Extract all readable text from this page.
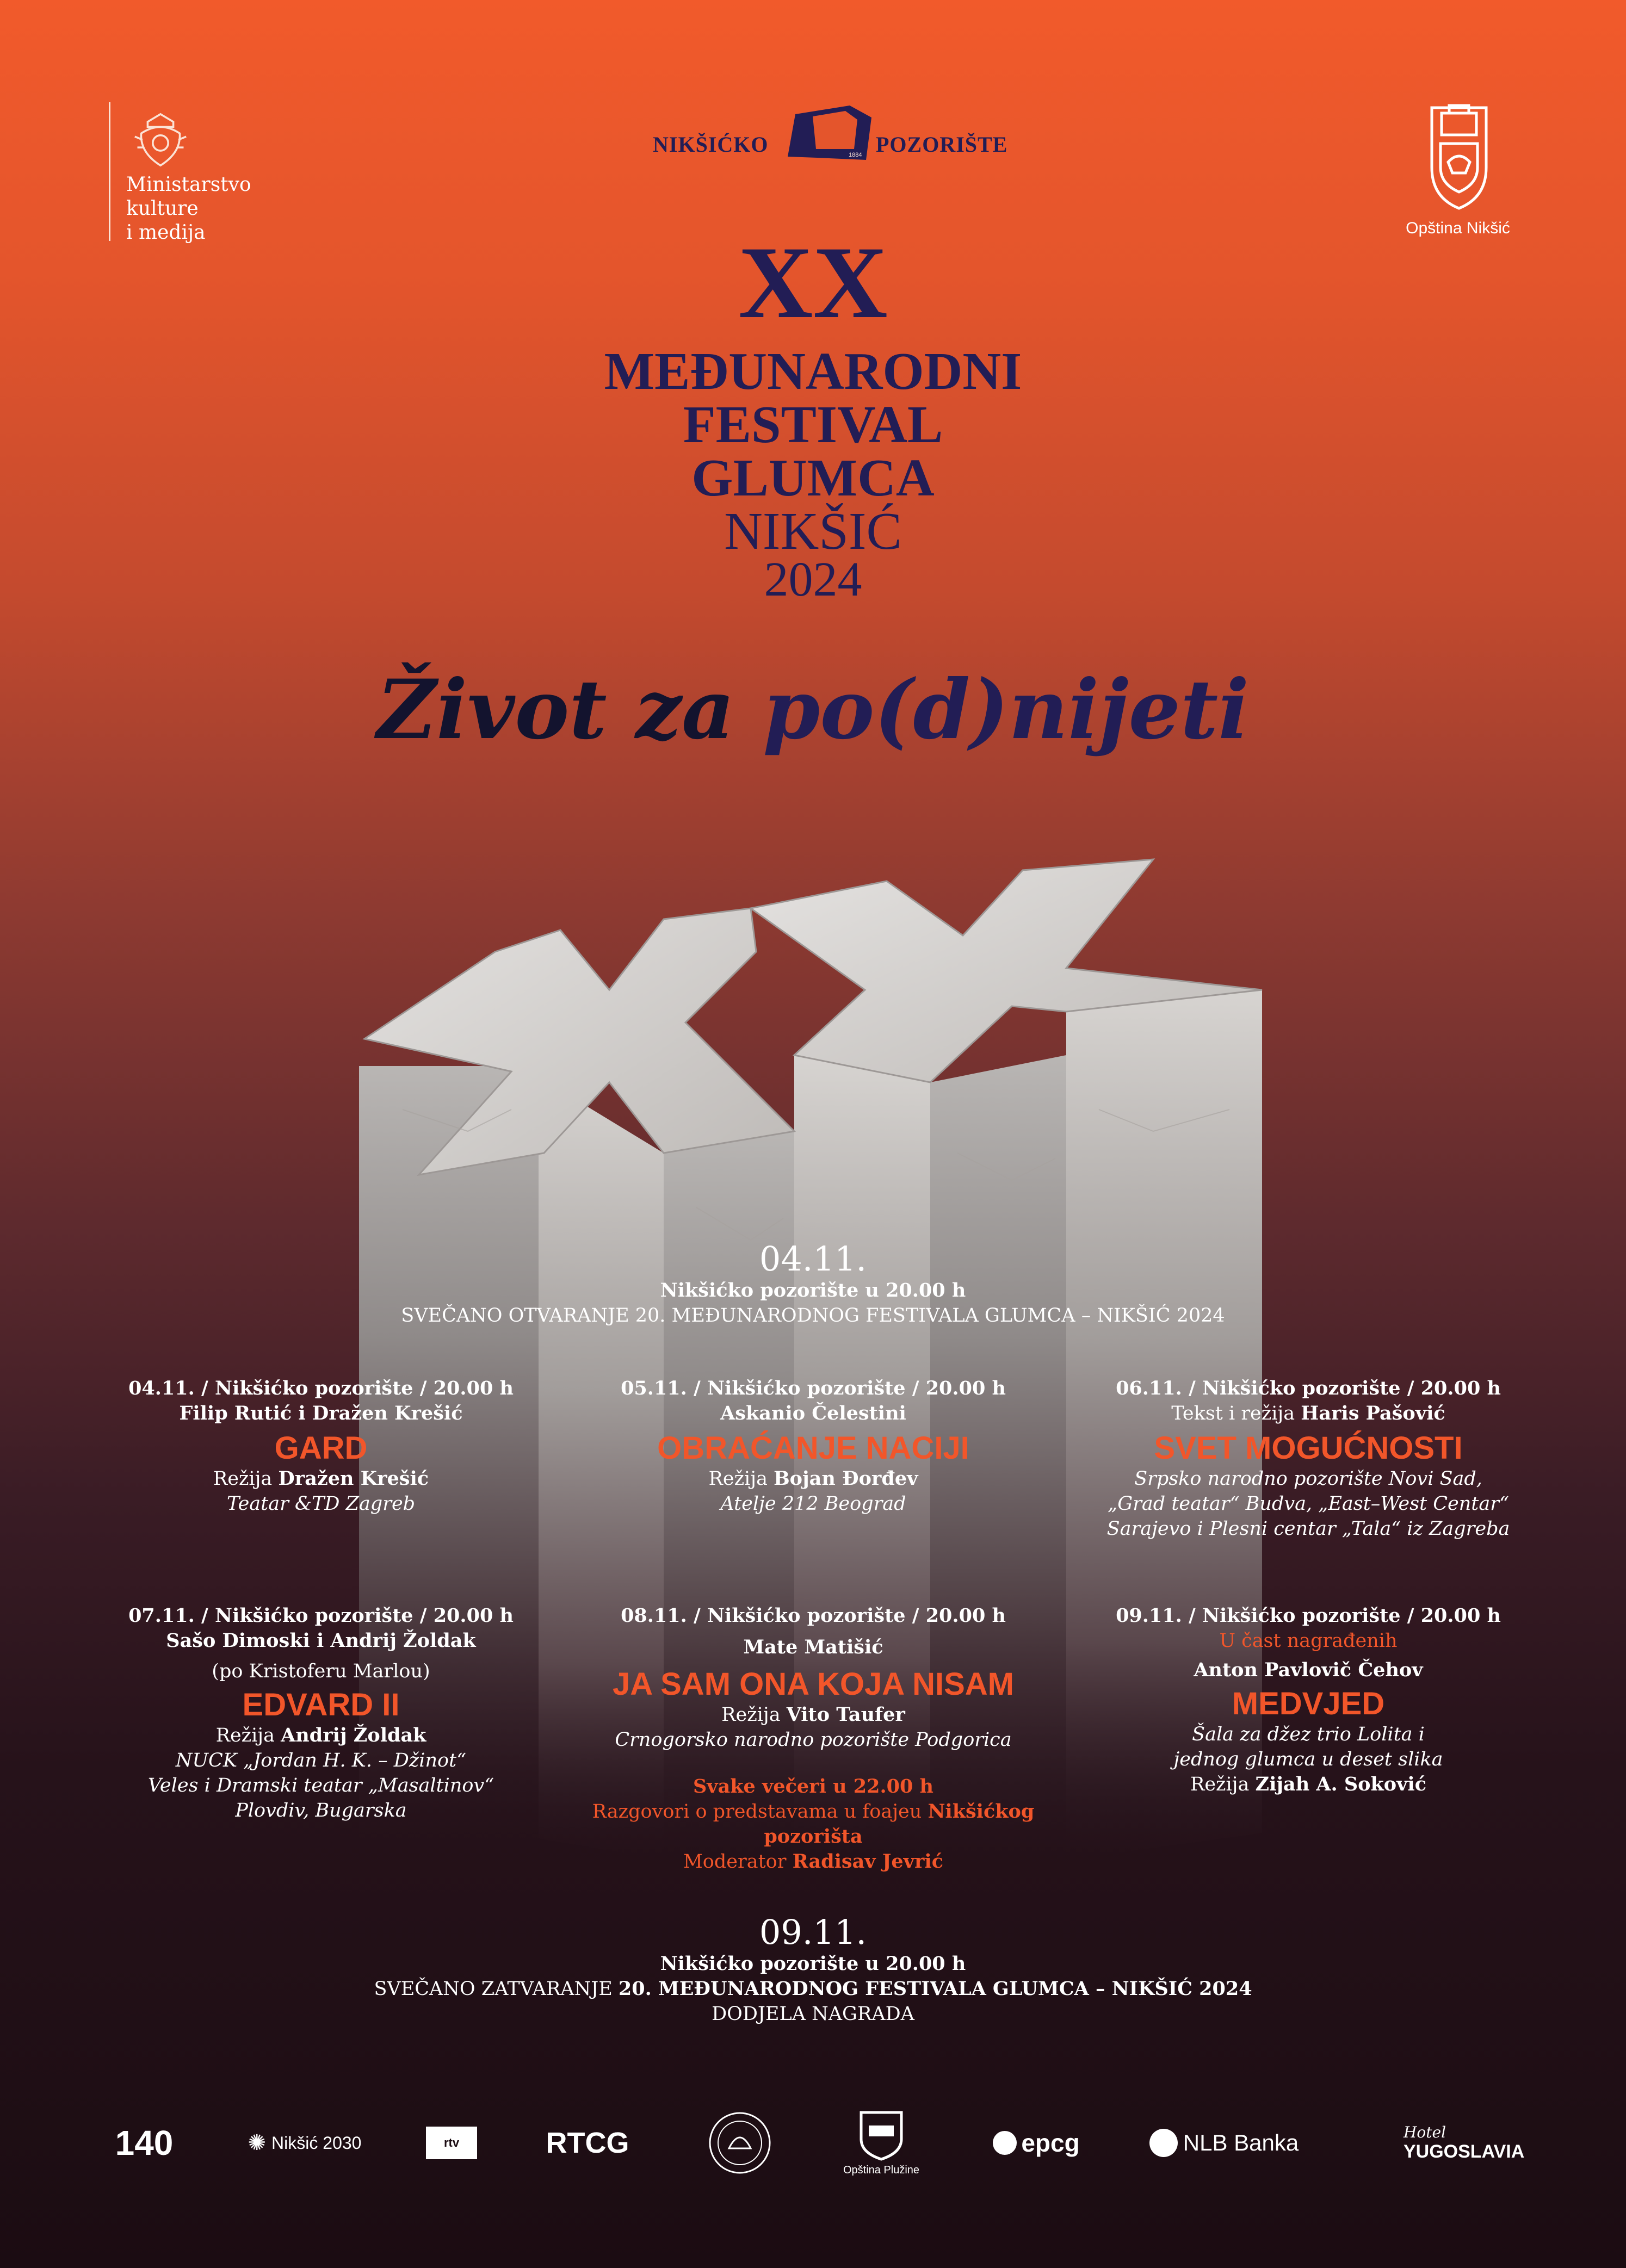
Ministarstvo
kulture
i medija
NIKŠIĆKO	1884 POZORIŠTE
Opština Nikšić
XX
MEĐUNARODNI
FESTIVAL
GLUMCA
NIKŠIĆ
2024
Život za po(d)nijeti
04.11.
Nikšićko pozorište u 20.00 h
SVEČANO OTVARANJE 20. MEĐUNARODNOG FESTIVALA GLUMCA – NIKŠIĆ 2024
04.11. / Nikšićko pozorište / 20.00 h
Filip Rutić i Dražen Krešić
GARD
Režija Dražen Krešić
Teatar &TD Zagreb
05.11. / Nikšićko pozorište / 20.00 h
Askanio Čelestini
OBRAĆANJE NACIJI
Režija Bojan Đorđev
Atelje 212 Beograd
06.11. / Nikšićko pozorište / 20.00 h
Tekst i režija Haris Pašović
SVET MOGUĆNOSTI
Srpsko narodno pozorište Novi Sad,
„Grad teatar“ Budva, „East–West Centar“
Sarajevo i Plesni centar „Tala“ iz Zagreba
07.11. / Nikšićko pozorište / 20.00 h
Sašo Dimoski i Andrij Žoldak
(po Kristoferu Marlou)
EDVARD II
Režija Andrij Žoldak
NUCK „Jordan H. K. – Džinot“
Veles i Dramski teatar „Masaltinov“
Plovdiv, Bugarska
08.11. / Nikšićko pozorište / 20.00 h
Mate Matišić
JA SAM ONA KOJA NISAM
Režija Vito Taufer
Crnogorsko narodno pozorište Podgorica
Svake večeri u 22.00 h
Razgovori o predstavama u foajeu Nikšićkog pozorišta
Moderator Radisav Jevrić
09.11. / Nikšićko pozorište / 20.00 h
U čast nagrađenih
Anton Pavlovič Čehov
MEDVJED
Šala za džez trio Lolita i
jednog glumca u deset slika
Režija Zijah A. Soković
09.11.
Nikšićko pozorište u 20.00 h
SVEČANO ZATVARANJE 20. MEĐUNARODNOG FESTIVALA GLUMCA – NIKŠIĆ 2024
DODJELA NAGRADA
140	✺ Nikšić 2030	rtv	RTCG
Opština Plužine
epcg	NLB Banka	Hotel
YUGOSLAVIA
